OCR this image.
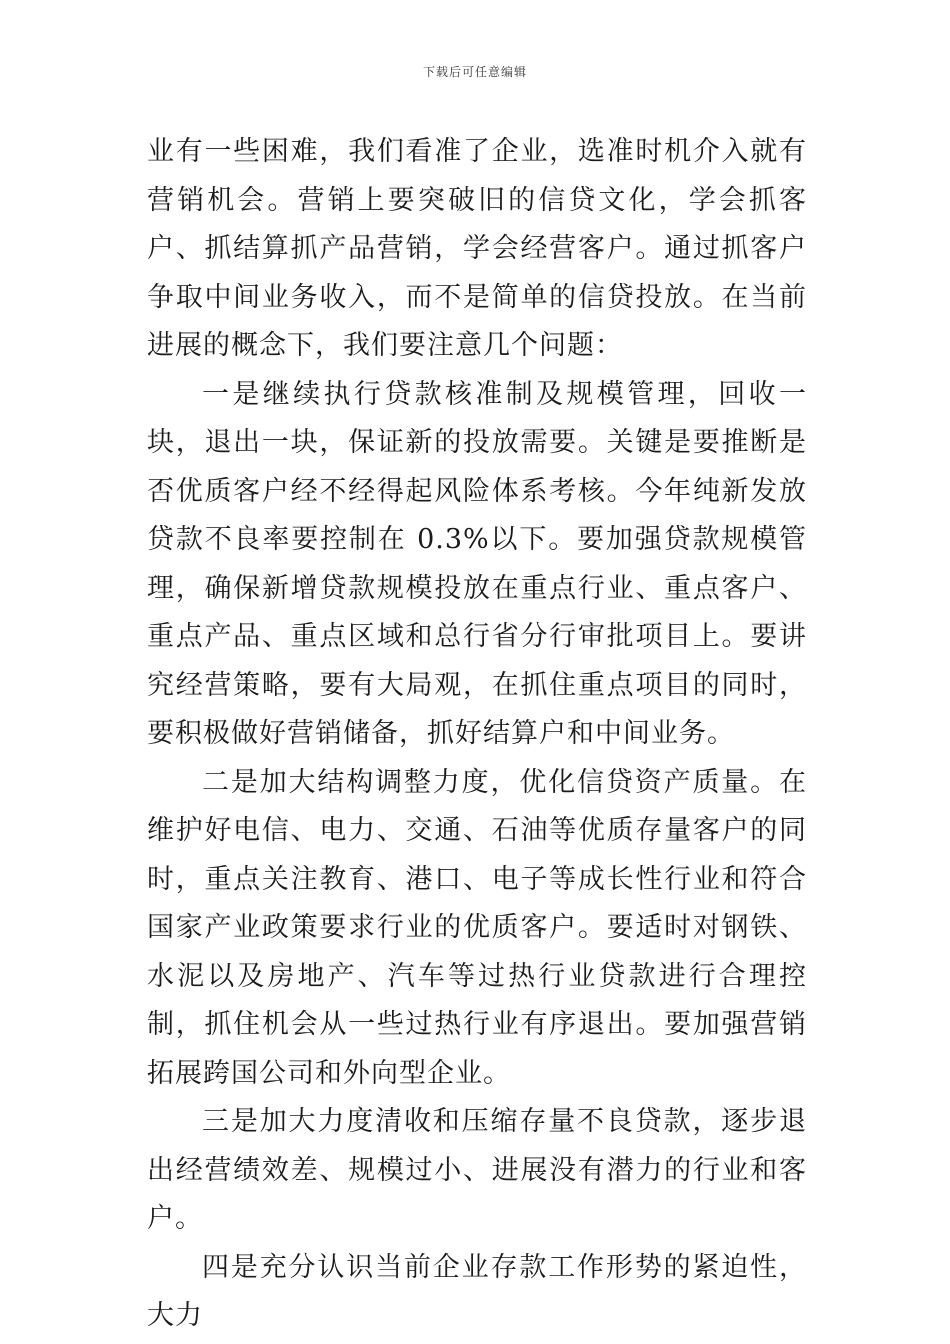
下载后可任意编辑

业有一些困难，我们看准了企业，选准时机介入就有营销机会。营销上要突破旧的信贷文化，学会抓客户、抓结算抓产品营销，学会经营客户。通过抓客户争取中间业务收入，而不是简单的信贷投放。在当前进展的概念下，我们要注意几个问题：

一是继续执行贷款核准制及规模管理，回收一块，退出一块，保证新的投放需要。关键是要推断是否优质客户经不经得起风险体系考核。今年纯新发放贷款不良率要控制在 0.3%以下。要加强贷款规模管理，确保新增贷款规模投放在重点行业、重点客户、重点产品、重点区域和总行省分行审批项目上。要讲究经营策略，要有大局观，在抓住重点项目的同时，要积极做好营销储备，抓好结算户和中间业务。

二是加大结构调整力度，优化信贷资产质量。在维护好电信、电力、交通、石油等优质存量客户的同时，重点关注教育、港口、电子等成长性行业和符合国家产业政策要求行业的优质客户。要适时对钢铁、水泥以及房地产、汽车等过热行业贷款进行合理控制，抓住机会从一些过热行业有序退出。要加强营销拓展跨国公司和外向型企业。

三是加大力度清收和压缩存量不良贷款，逐步退出经营绩效差、规模过小、进展没有潜力的行业和客户。

四是充分认识当前企业存款工作形势的紧迫性，大力
